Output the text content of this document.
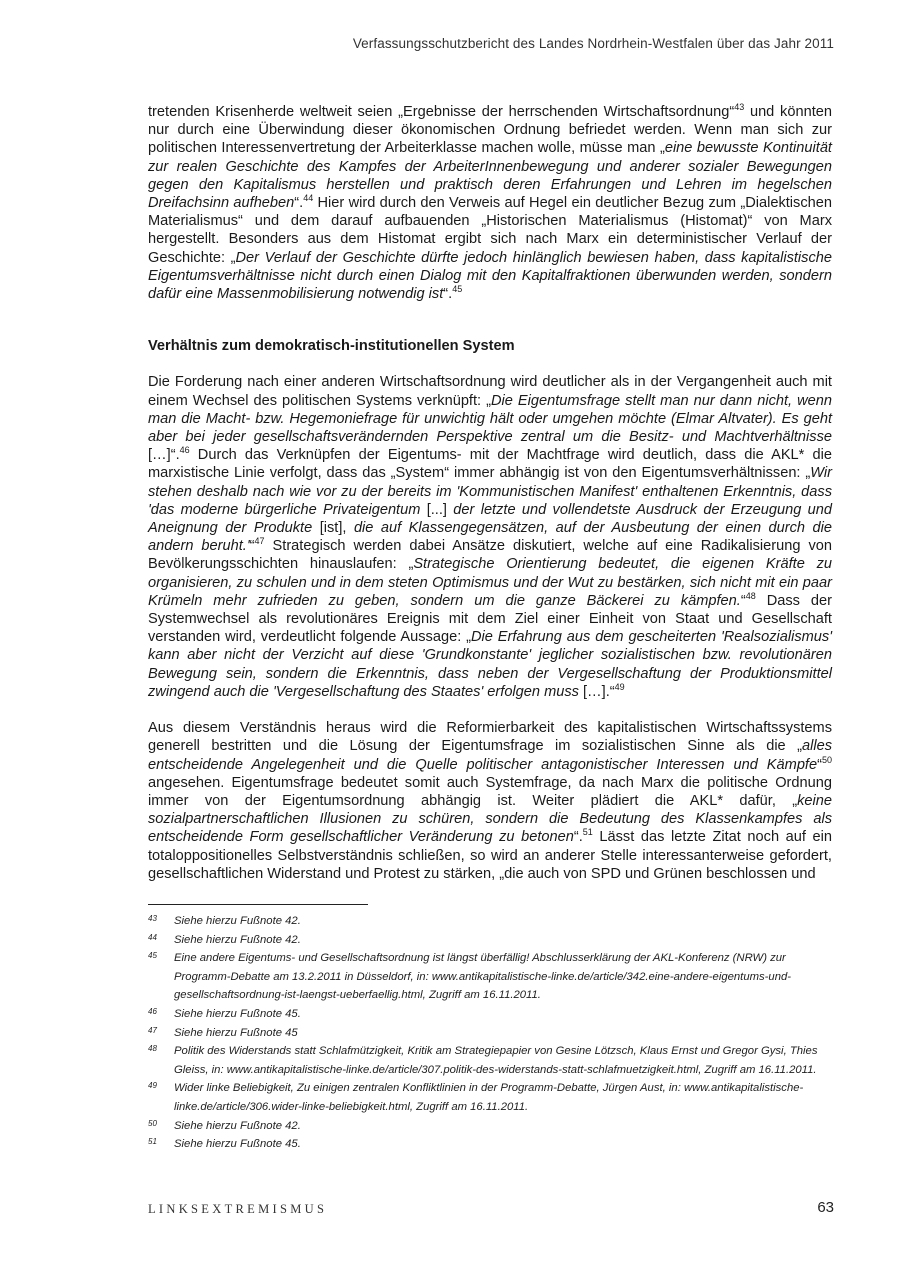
Verfassungsschutzbericht des Landes Nordrhein-Westfalen über das Jahr 2011

tretenden Krisenherde weltweit seien „Ergebnisse der herrschenden Wirtschaftsordnung“$^{43}$ und könnten nur durch eine Überwindung dieser ökonomischen Ordnung befriedet werden. Wenn man sich zur politischen Interessenvertretung der Arbeiterklasse machen wolle, müsse man „eine bewusste Kontinuität zur realen Geschichte des Kampfes der ArbeiterInnenbewegung und anderer sozialer Bewegungen gegen den Kapitalismus herstellen und praktisch deren Erfahrungen und Lehren im hegelschen Dreifachsinn aufheben“.$^{44}$ Hier wird durch den Verweis auf Hegel ein deutlicher Bezug zum „Dialektischen Materialismus“ und dem darauf aufbauenden „Historischen Materialismus (Histomat)“ von Marx hergestellt. Besonders aus dem Histomat ergibt sich nach Marx ein deterministischer Verlauf der Geschichte: „Der Verlauf der Geschichte dürfte jedoch hinlänglich bewiesen haben, dass kapitalistische Eigentumsverhältnisse nicht durch einen Dialog mit den Kapitalfraktionen überwunden werden, sondern dafür eine Massenmobilisierung notwendig ist“.$^{45}$

Verhältnis zum demokratisch-institutionellen System

Die Forderung nach einer anderen Wirtschaftsordnung wird deutlicher als in der Vergangenheit auch mit einem Wechsel des politischen Systems verknüpft: „Die Eigentumsfrage stellt man nur dann nicht, wenn man die Macht- bzw. Hegemoniefrage für unwichtig hält oder umgehen möchte (Elmar Altvater). Es geht aber bei jeder gesellschaftsverändernden Perspektive zentral um die Besitz- und Machtverhältnisse […]“.$^{46}$ Durch das Verknüpfen der Eigentums- mit der Machtfrage wird deutlich, dass die AKL* die marxistische Linie verfolgt, dass das „System“ immer abhängig ist von den Eigentumsverhältnissen: „Wir stehen deshalb nach wie vor zu der bereits im 'Kommunistischen Manifest' enthaltenen Erkenntnis, dass 'das moderne bürgerliche Privateigentum [...] der letzte und vollendetste Ausdruck der Erzeugung und Aneignung der Produkte [ist], die auf Klassengegensätzen, auf der Ausbeutung der einen durch die andern beruht.'“$^{47}$ Strategisch werden dabei Ansätze diskutiert, welche auf eine Radikalisierung von Bevölkerungsschichten hinauslaufen: „Strategische Orientierung bedeutet, die eigenen Kräfte zu organisieren, zu schulen und in dem steten Optimismus und der Wut zu bestärken, sich nicht mit ein paar Krümeln mehr zufrieden zu geben, sondern um die ganze Bäckerei zu kämpfen.“$^{48}$ Dass der Systemwechsel als revolutionäres Ereignis mit dem Ziel einer Einheit von Staat und Gesellschaft verstanden wird, verdeutlicht folgende Aussage: „Die Erfahrung aus dem gescheiterten 'Realsozialismus' kann aber nicht der Verzicht auf diese 'Grundkonstante' jeglicher sozialistischen bzw. revolutionären Bewegung sein, sondern die Erkenntnis, dass neben der Vergesellschaftung der Produktionsmittel zwingend auch die 'Vergesellschaftung des Staates' erfolgen muss […].“$^{49}$

Aus diesem Verständnis heraus wird die Reformierbarkeit des kapitalistischen Wirtschaftssystems generell bestritten und die Lösung der Eigentumsfrage im sozialistischen Sinne als die „alles entscheidende Angelegenheit und die Quelle politischer antagonistischer Interessen und Kämpfe“$^{50}$ angesehen. Eigentumsfrage bedeutet somit auch Systemfrage, da nach Marx die politische Ordnung immer von der Eigentumsordnung abhängig ist. Weiter plädiert die AKL* dafür, „keine sozialpartnerschaftlichen Illusionen zu schüren, sondern die Bedeutung des Klassenkampfes als entscheidende Form gesellschaftlicher Veränderung zu betonen“.$^{51}$ Lässt das letzte Zitat noch auf ein totaloppositionelles Selbstverständnis schließen, so wird an anderer Stelle interessanterweise gefordert, gesellschaftlichen Widerstand und Protest zu stärken, „die auch von SPD und Grünen beschlossen und

43	Siehe hierzu Fußnote 42.
44	Siehe hierzu Fußnote 42.
45	Eine andere Eigentums- und Gesellschaftsordnung ist längst überfällig! Abschlusserklärung der AKL-Konferenz (NRW) zur Programm-Debatte am 13.2.2011 in Düsseldorf, in: www.antikapitalistische-linke.de/article/342.eine-andere-eigentums-und-gesellschaftsordnung-ist-laengst-ueberfaellig.html, Zugriff am 16.11.2011.
46	Siehe hierzu Fußnote 45.
47	Siehe hierzu Fußnote 45
48	Politik des Widerstands statt Schlafmützigkeit, Kritik am Strategiepapier von Gesine Lötzsch, Klaus Ernst und Gregor Gysi, Thies Gleiss, in: www.antikapitalistische-linke.de/article/307.politik-des-widerstands-statt-schlafmuetzigkeit.html, Zugriff am 16.11.2011.
49	Wider linke Beliebigkeit, Zu einigen zentralen Konfliktlinien in der Programm-Debatte, Jürgen Aust, in: www.antikapitalistische-linke.de/article/306.wider-linke-beliebigkeit.html, Zugriff am 16.11.2011.
50	Siehe hierzu Fußnote 42.
51	Siehe hierzu Fußnote 45.
LINKSEXTREMISMUS	63
